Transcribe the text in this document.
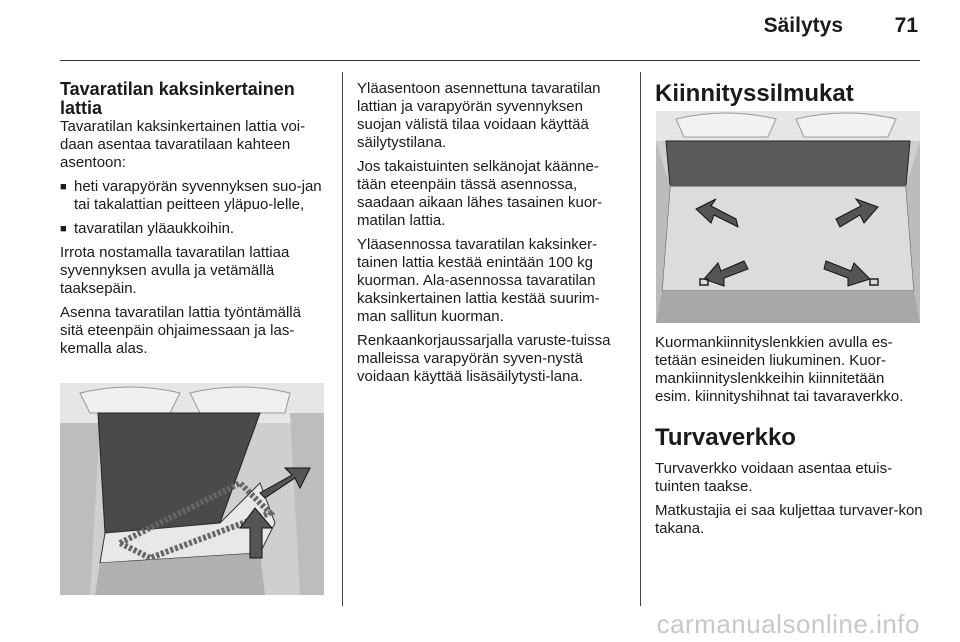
Säilytys 71
Tavaratilan kaksinkertainen lattia

Tavaratilan kaksinkertainen lattia voi-daan asentaa tavaratilaan kahteen asentoon:

■ heti varapyörän syvennyksen suo-jan tai takalattian peitteen yläpuo-lelle,
■ tavaratilan yläaukkoihin.

Irrota nostamalla tavaratilan lattiaa syvennyksen avulla ja vetämällä taaksepäin.

Asenna tavaratilan lattia työntämällä sitä eteenpäin ohjaimessaan ja las-kemalla alas.

Yläasentoon asennettuna tavaratilan lattian ja varapyörän syvennyksen suojan välistä tilaa voidaan käyttää säilytystilana.

Jos takaistuinten selkänojat käänne-tään eteenpäin tässä asennossa, saadaan aikaan lähes tasainen kuor-matilan lattia.

Yläasennossa tavaratilan kaksinker-tainen lattia kestää enintään 100 kg kuorman. Ala-asennossa tavaratilan kaksinkertainen lattia kestää suurim-man sallitun kuorman.

Renkaankorjaussarjalla varuste-tuissa malleissa varapyörän syven-nystä voidaan käyttää lisäsäilytysti-lana.

Kiinnityssilmukat

Kuormankiinnityslenkkien avulla es-tetään esineiden liukuminen. Kuor-mankiinnityslenkkeihin kiinnitetään esim. kiinnityshihnat tai tavaraverkko.

Turvaverkko

Turvaverkko voidaan asentaa etuis-tuinten taakse.

Matkustajia ei saa kuljettaa turvaver-kon takana.

carmanualsonline.info
